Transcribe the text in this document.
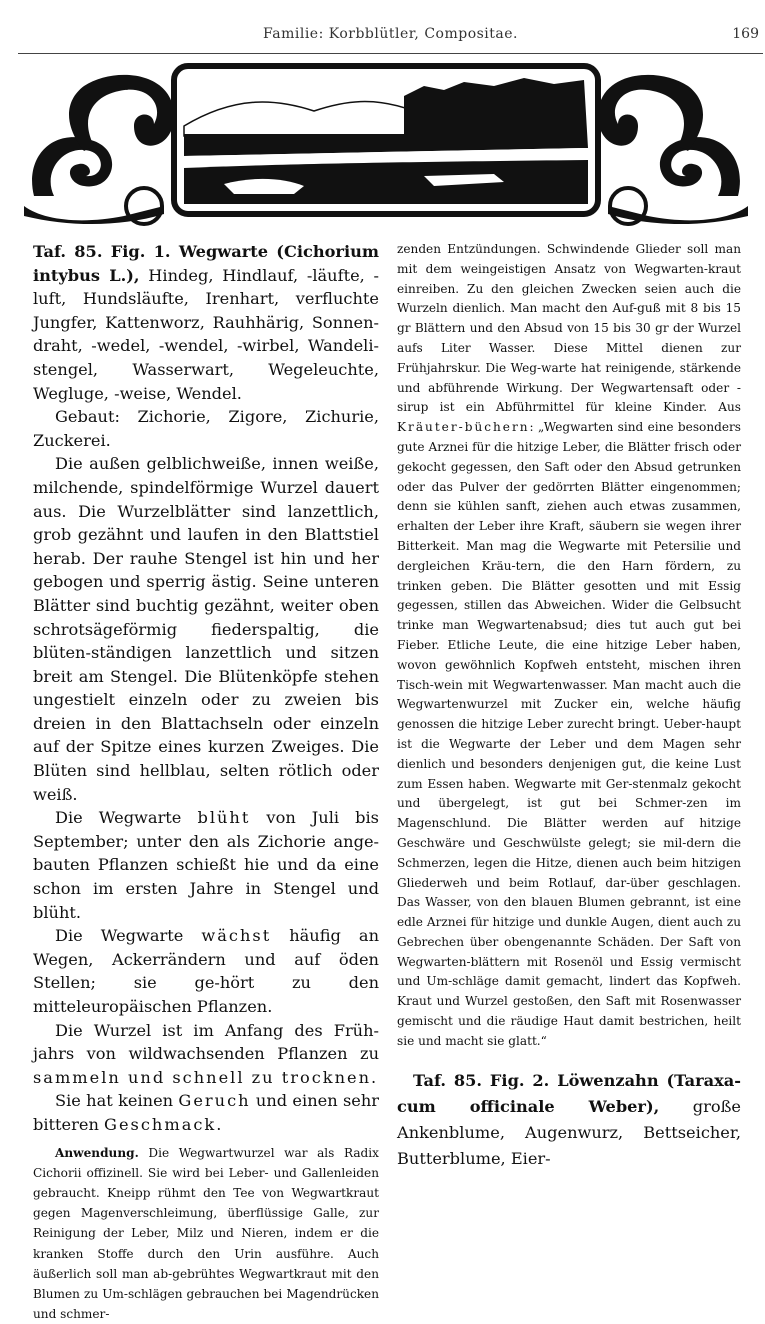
Familie: Korbblütler, Compositae.	169

Taf. 85. Fig. 1. Wegwarte (Cichorium intybus L.), Hindeg, Hindlauf, -läufte, -luft, Hundsläufte, Irenhart, verfluchte Jungfer, Kattenworz, Rauhhärig, Sonnen-draht, -wedel, -wendel, -wirbel, Wandeli-stengel, Wasserwart, Wegeleuchte, Wegluge, -weise, Wendel.

Gebaut: Zichorie, Zigore, Zichurie, Zuckerei.

Die außen gelblichweiße, innen weiße, milchende, spindelförmige Wurzel dauert aus. Die Wurzelblätter sind lanzettlich, grob gezähnt und laufen in den Blattstiel herab. Der rauhe Stengel ist hin und her gebogen und sperrig ästig. Seine unteren Blätter sind buchtig gezähnt, weiter oben schrotsägeförmig fiederspaltig, die blüten-ständigen lanzettlich und sitzen breit am Stengel. Die Blütenköpfe stehen ungestielt einzeln oder zu zweien bis dreien in den Blattachseln oder einzeln auf der Spitze eines kurzen Zweiges. Die Blüten sind hellblau, selten rötlich oder weiß.

Die Wegwarte blüht von Juli bis September; unter den als Zichorie ange-bauten Pflanzen schießt hie und da eine schon im ersten Jahre in Stengel und blüht.

Die Wegwarte wächst häufig an Wegen, Ackerrändern und auf öden Stellen; sie ge-hört zu den mitteleuropäischen Pflanzen.

Die Wurzel ist im Anfang des Früh-jahrs von wildwachsenden Pflanzen zu sammeln und schnell zu trocknen.

Sie hat keinen Geruch und einen sehr bitteren Geschmack.

Anwendung. Die Wegwartwurzel war als Radix Cichorii offizinell. Sie wird bei Leber- und Gallenleiden gebraucht. Kneipp rühmt den Tee von Wegwartkraut gegen Magenverschleimung, überflüssige Galle, zur Reinigung der Leber, Milz und Nieren, indem er die kranken Stoffe durch den Urin ausführe. Auch äußerlich soll man ab-gebrühtes Wegwartkraut mit den Blumen zu Um-schlägen gebrauchen bei Magendrücken und schmer-

zenden Entzündungen. Schwindende Glieder soll man mit dem weingeistigen Ansatz von Wegwarten-kraut einreiben. Zu den gleichen Zwecken seien auch die Wurzeln dienlich. Man macht den Auf-guß mit 8 bis 15 gr Blättern und den Absud von 15 bis 30 gr der Wurzel aufs Liter Wasser. Diese Mittel dienen zur Frühjahrskur. Die Weg-warte hat reinigende, stärkende und abführende Wirkung. Der Wegwartensaft oder -sirup ist ein Abführmittel für kleine Kinder. Aus Kräuter-büchern: „Wegwarten sind eine besonders gute Arznei für die hitzige Leber, die Blätter frisch oder gekocht gegessen, den Saft oder den Absud getrunken oder das Pulver der gedörrten Blätter eingenommen; denn sie kühlen sanft, ziehen auch etwas zusammen, erhalten der Leber ihre Kraft, säubern sie wegen ihrer Bitterkeit. Man mag die Wegwarte mit Petersilie und dergleichen Kräu-tern, die den Harn fördern, zu trinken geben. Die Blätter gesotten und mit Essig gegessen, stillen das Abweichen. Wider die Gelbsucht trinke man Wegwartenabsud; dies tut auch gut bei Fieber. Etliche Leute, die eine hitzige Leber haben, wovon gewöhnlich Kopfweh entsteht, mischen ihren Tisch-wein mit Wegwartenwasser. Man macht auch die Wegwartenwurzel mit Zucker ein, welche häufig genossen die hitzige Leber zurecht bringt. Ueber-haupt ist die Wegwarte der Leber und dem Magen sehr dienlich und besonders denjenigen gut, die keine Lust zum Essen haben. Wegwarte mit Ger-stenmalz gekocht und übergelegt, ist gut bei Schmer-zen im Magenschlund. Die Blätter werden auf hitzige Geschwäre und Geschwülste gelegt; sie mil-dern die Schmerzen, legen die Hitze, dienen auch beim hitzigen Gliederweh und beim Rotlauf, dar-über geschlagen. Das Wasser, von den blauen Blumen gebrannt, ist eine edle Arznei für hitzige und dunkle Augen, dient auch zu Gebrechen über obengenannte Schäden. Der Saft von Wegwarten-blättern mit Rosenöl und Essig vermischt und Um-schläge damit gemacht, lindert das Kopfweh. Kraut und Wurzel gestoßen, den Saft mit Rosenwasser gemischt und die räudige Haut damit bestrichen, heilt sie und macht sie glatt.“

Taf. 85. Fig. 2. Löwenzahn (Taraxa-cum officinale Weber), große Ankenblume, Augenwurz, Bettseicher, Butterblume, Eier-
